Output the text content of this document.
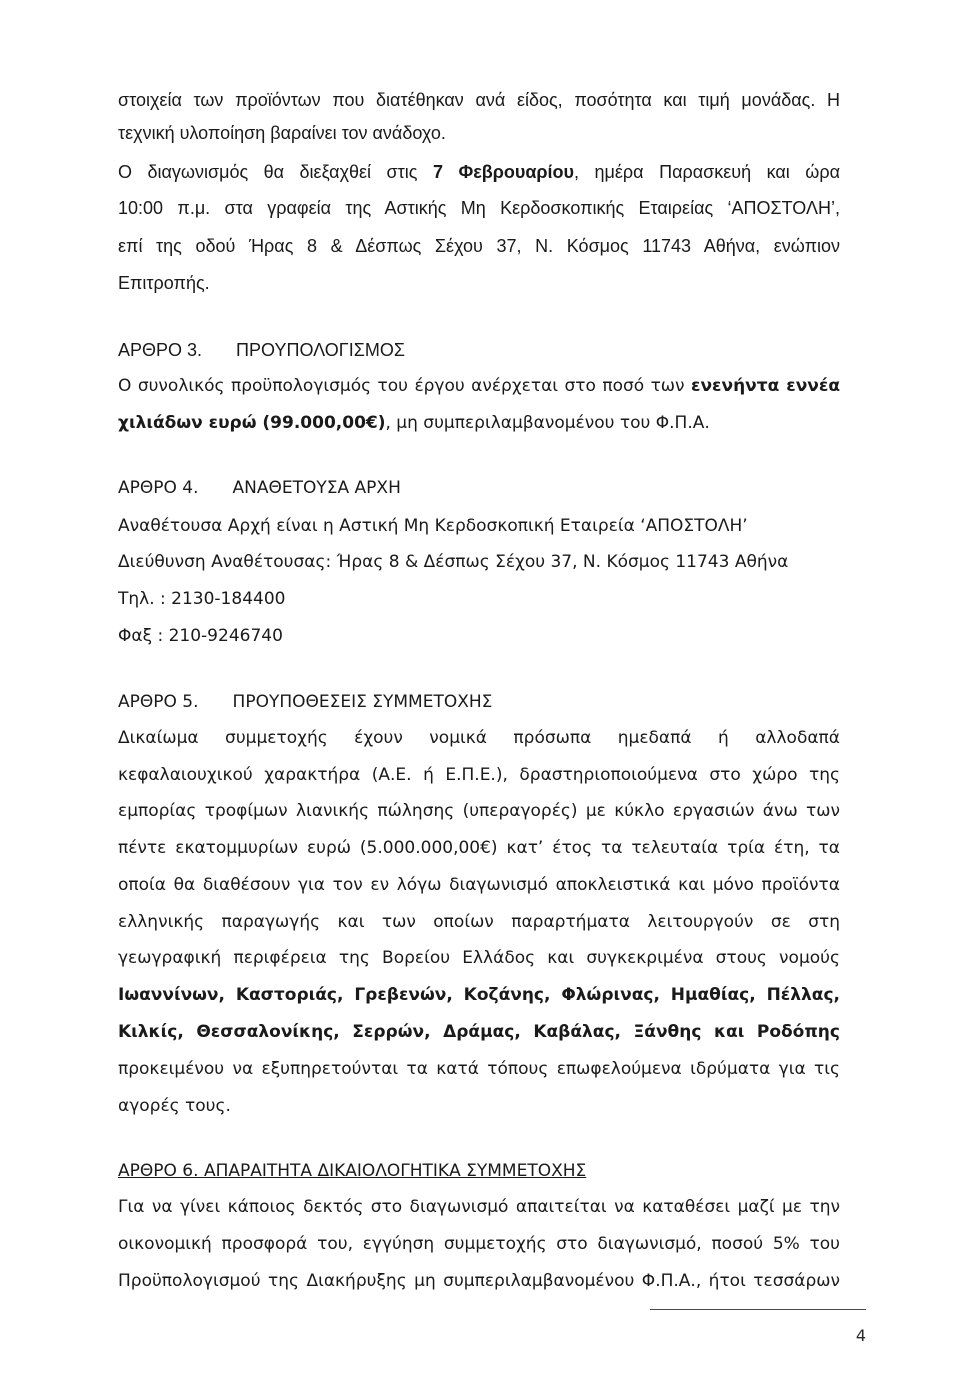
στοιχεία των προϊόντων που διατέθηκαν ανά είδος, ποσότητα και τιμή μονάδας. Η
τεχνική υλοποίηση βαραίνει τον ανάδοχο.
Ο διαγωνισμός θα διεξαχθεί στις 7 Φεβρουαρίου, ημέρα Παρασκευή και ώρα
10:00 π.μ. στα γραφεία της Αστικής Μη Κερδοσκοπικής Εταιρείας ‘ΑΠΟΣΤΟΛΗ’,
επί της οδού Ήρας 8 & Δέσπως Σέχου 37, Ν. Κόσμος 11743 Αθήνα, ενώπιον
Επιτροπής.
ΑΡΘΡΟ 3. ΠΡΟΥΠΟΛΟΓΙΣΜΟΣ
Ο συνολικός προϋπολογισμός του έργου ανέρχεται στο ποσό των ενενήντα εννέα
χιλιάδων ευρώ (99.000,00€), μη συμπεριλαμβανομένου του Φ.Π.Α.
ΑΡΘΡΟ 4. ΑΝΑΘΕΤΟΥΣΑ ΑΡΧΗ
Αναθέτουσα Αρχή είναι η Αστική Μη Κερδοσκοπική Εταιρεία ‘ΑΠΟΣΤΟΛΗ’
Διεύθυνση Αναθέτουσας: Ήρας 8 & Δέσπως Σέχου 37, Ν. Κόσμος 11743 Αθήνα
Τηλ. : 2130-184400
Φαξ : 210-9246740
ΑΡΘΡΟ 5. ΠΡΟΥΠΟΘΕΣΕΙΣ ΣΥΜΜΕΤΟΧΗΣ
Δικαίωμα συμμετοχής έχουν νομικά πρόσωπα ημεδαπά ή αλλοδαπά
κεφαλαιουχικού χαρακτήρα (Α.Ε. ή Ε.Π.Ε.), δραστηριοποιούμενα στο χώρο της
εμπορίας τροφίμων λιανικής πώλησης (υπεραγορές) με κύκλο εργασιών άνω των
πέντε εκατομμυρίων ευρώ (5.000.000,00€) κατ’ έτος τα τελευταία τρία έτη, τα
οποία θα διαθέσουν για τον εν λόγω διαγωνισμό αποκλειστικά και μόνο προϊόντα
ελληνικής παραγωγής και των οποίων παραρτήματα λειτουργούν σε στη
γεωγραφική περιφέρεια της Βορείου Ελλάδος και συγκεκριμένα στους νομούς
Ιωαννίνων, Καστοριάς, Γρεβενών, Κοζάνης, Φλώρινας, Ημαθίας, Πέλλας,
Κιλκίς, Θεσσαλονίκης, Σερρών, Δράμας, Καβάλας, Ξάνθης και Ροδόπης
προκειμένου να εξυπηρετούνται τα κατά τόπους επωφελούμενα ιδρύματα για τις
αγορές τους.
ΑΡΘΡΟ 6. ΑΠΑΡΑΙΤΗΤΑ ΔΙΚΑΙΟΛΟΓΗΤΙΚΑ ΣΥΜΜΕΤΟΧΗΣ
Για να γίνει κάποιος δεκτός στο διαγωνισμό απαιτείται να καταθέσει μαζί με την
οικονομική προσφορά του, εγγύηση συμμετοχής στο διαγωνισμό, ποσού 5% του
Προϋπολογισμού της Διακήρυξης μη συμπεριλαμβανομένου Φ.Π.Α., ήτοι τεσσάρων
4
